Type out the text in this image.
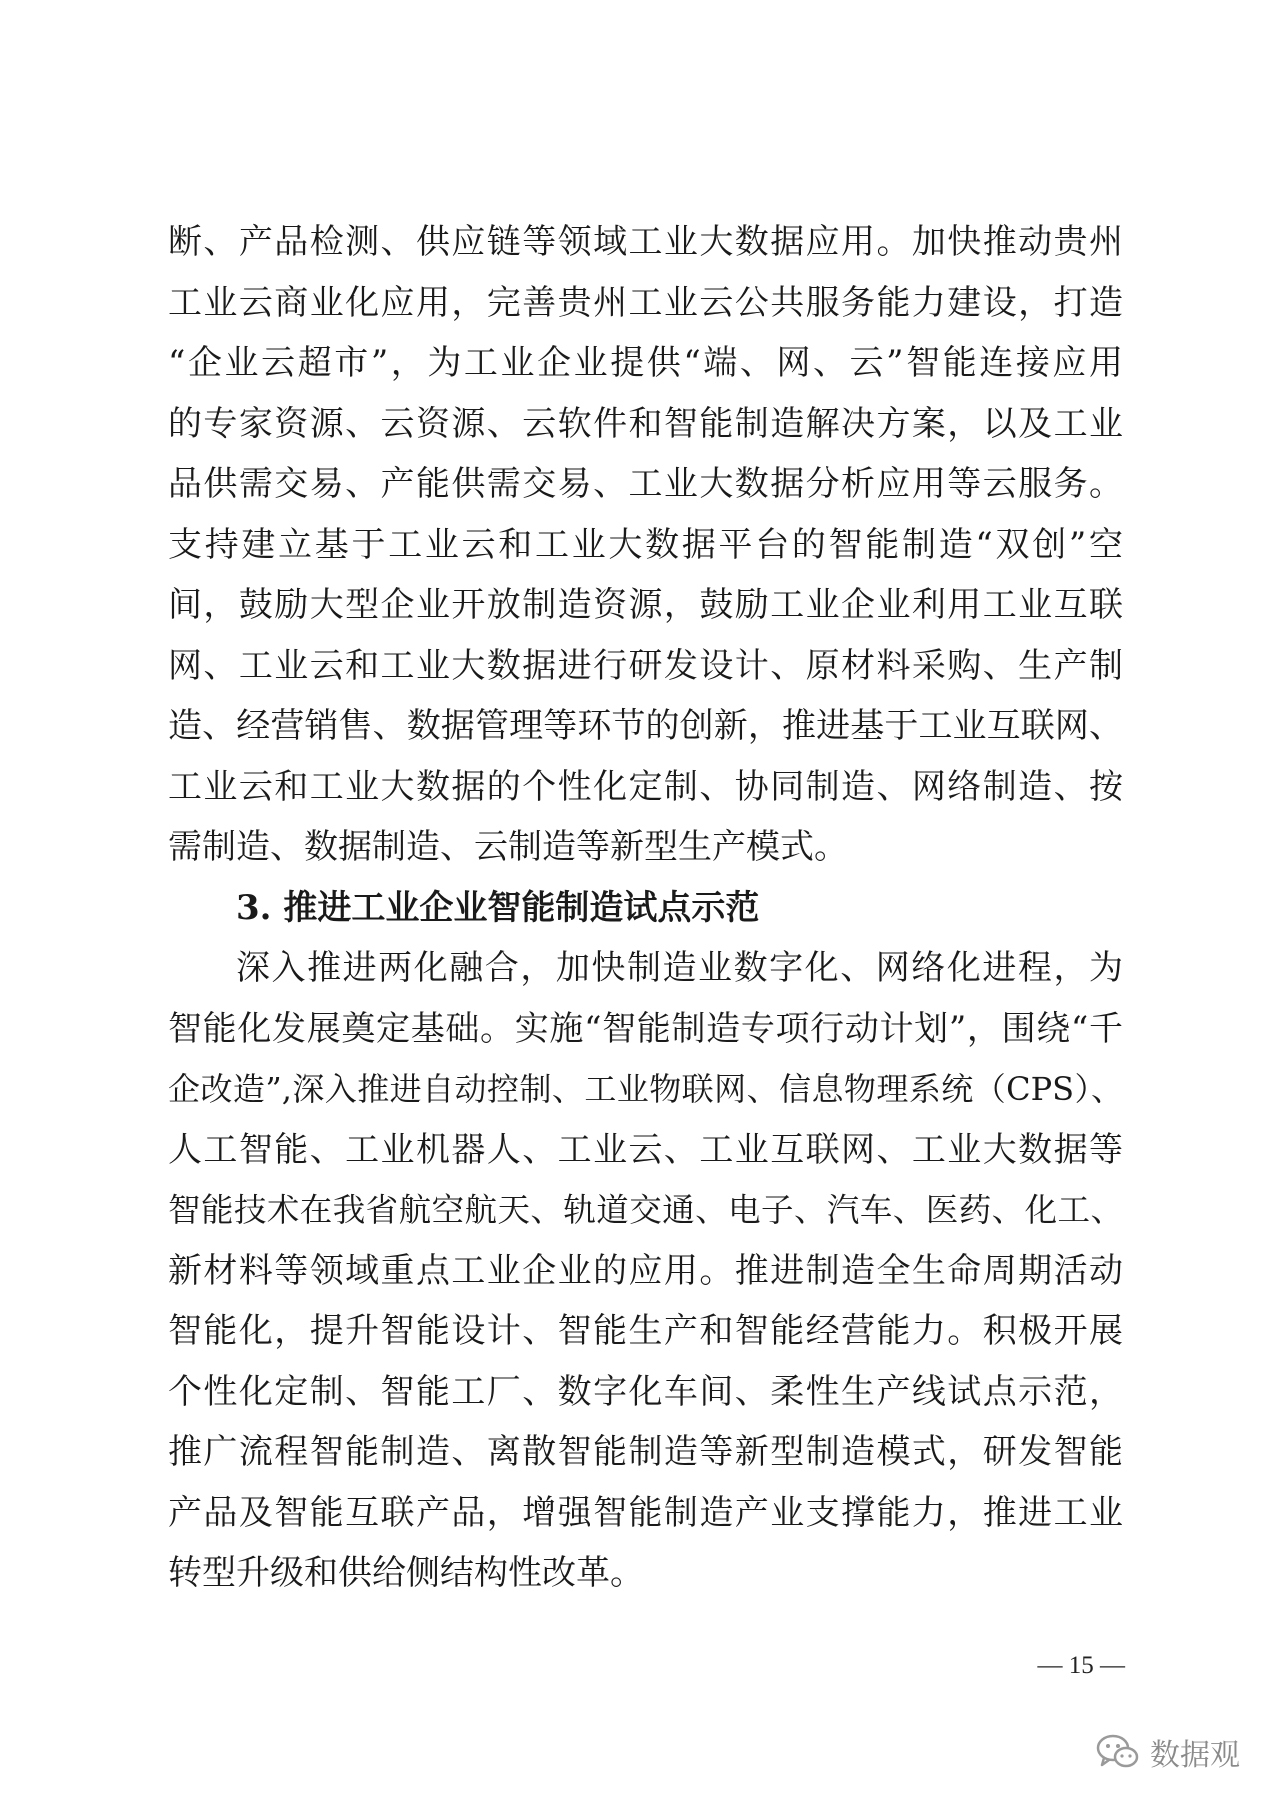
断、产品检测、供应链等领域工业大数据应用。加快推动贵州
工业云商业化应用，完善贵州工业云公共服务能力建设，打造
“企业云超市”，为工业企业提供“端、网、云”智能连接应用
的专家资源、云资源、云软件和智能制造解决方案，以及工业
品供需交易、产能供需交易、工业大数据分析应用等云服务。
支持建立基于工业云和工业大数据平台的智能制造“双创”空
间，鼓励大型企业开放制造资源，鼓励工业企业利用工业互联
网、工业云和工业大数据进行研发设计、原材料采购、生产制
造、经营销售、数据管理等环节的创新，推进基于工业互联网、
工业云和工业大数据的个性化定制、协同制造、网络制造、按
需制造、数据制造、云制造等新型生产模式。
3. 推进工业企业智能制造试点示范
深入推进两化融合，加快制造业数字化、网络化进程，为
智能化发展奠定基础。实施“智能制造专项行动计划”，围绕“千
企改造”,深入推进自动控制、工业物联网、信息物理系统（CPS）、
人工智能、工业机器人、工业云、工业互联网、工业大数据等
智能技术在我省航空航天、轨道交通、电子、汽车、医药、化工、
新材料等领域重点工业企业的应用。推进制造全生命周期活动
智能化，提升智能设计、智能生产和智能经营能力。积极开展
个性化定制、智能工厂、数字化车间、柔性生产线试点示范，
推广流程智能制造、离散智能制造等新型制造模式，研发智能
产品及智能互联产品，增强智能制造产业支撑能力，推进工业
转型升级和供给侧结构性改革。
— 15 —
数据观
